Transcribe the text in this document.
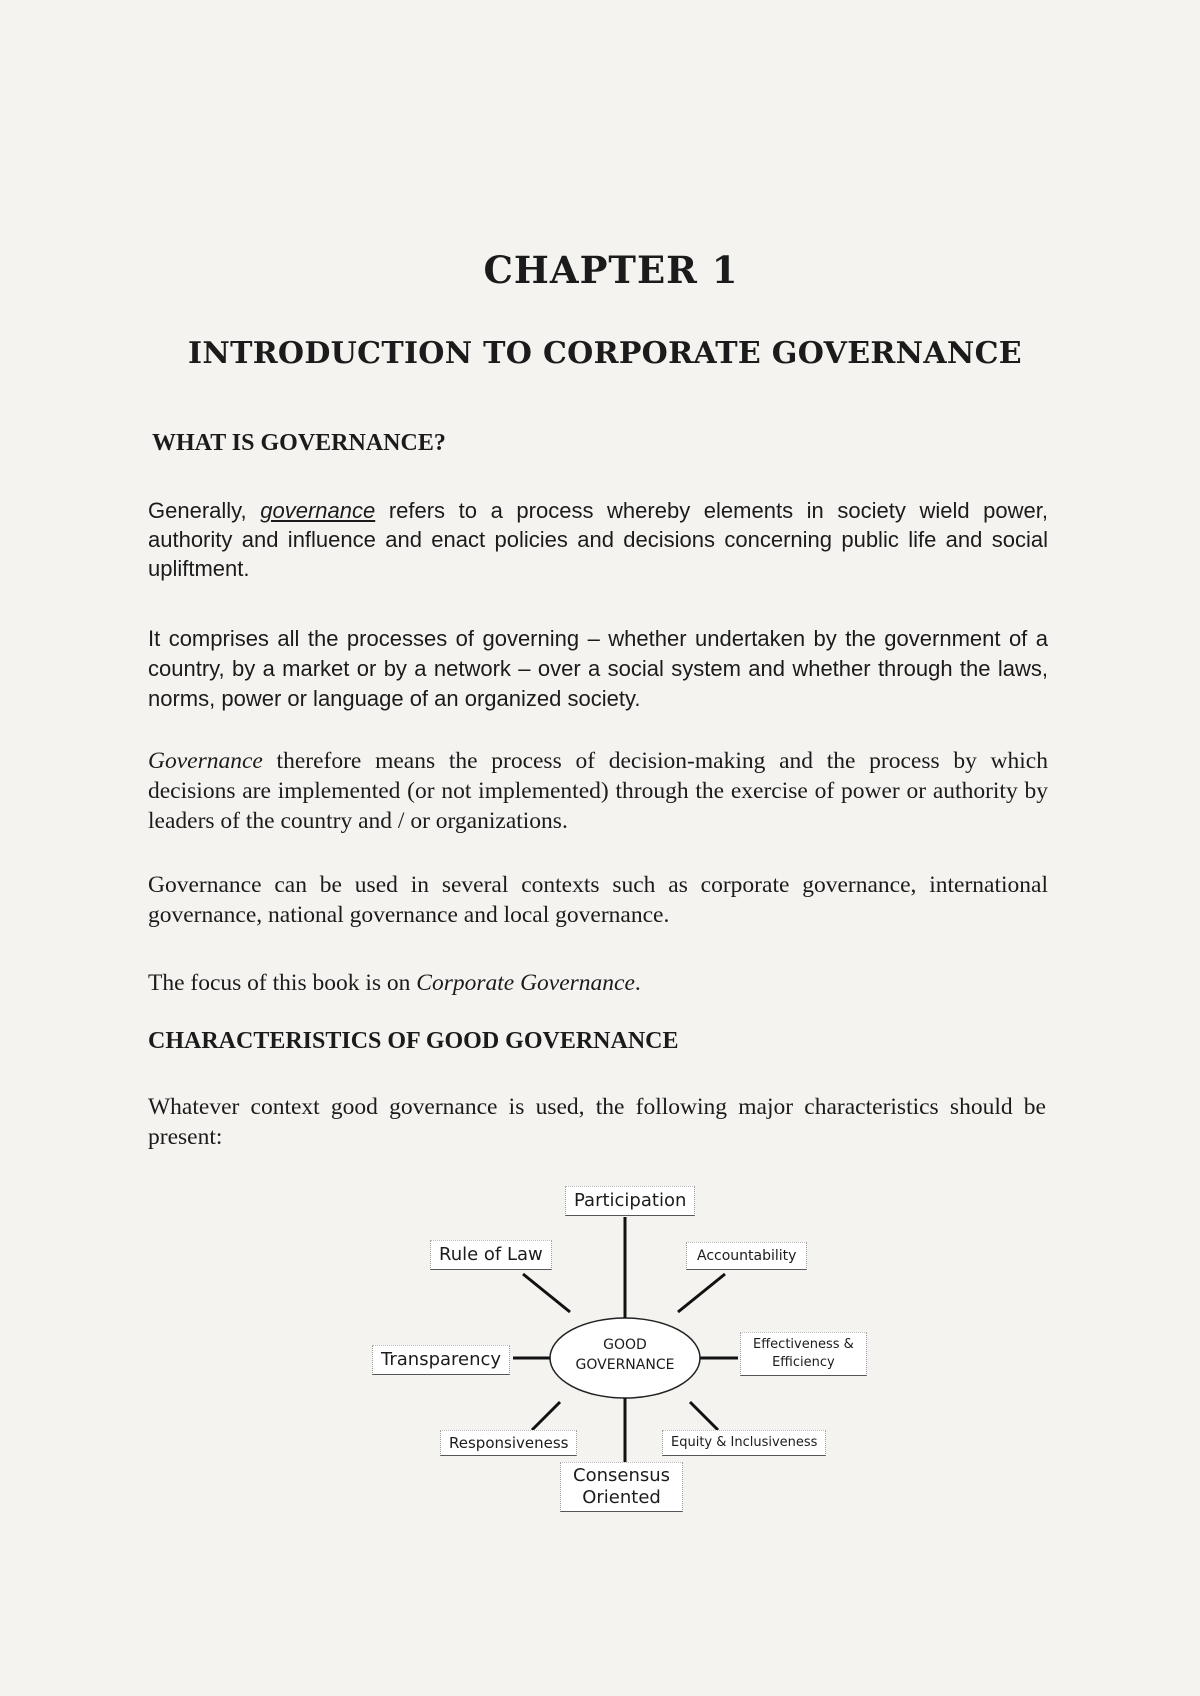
CHAPTER 1
INTRODUCTION TO CORPORATE GOVERNANCE
WHAT IS GOVERNANCE?
Generally, governance refers to a process whereby elements in society wield power, authority and influence and enact policies and decisions concerning public life and social upliftment.
It comprises all the processes of governing – whether undertaken by the government of a country, by a market or by a network – over a social system and whether through the laws, norms, power or language of an organized society.
Governance therefore means the process of decision-making and the process by which decisions are implemented (or not implemented) through the exercise of power or authority by leaders of the country and / or organizations.
Governance can be used in several contexts such as corporate governance, international governance, national governance and local governance.
The focus of this book is on Corporate Governance.
CHARACTERISTICS OF GOOD GOVERNANCE
Whatever context good governance is used, the following major characteristics should be present:
GOOD
GOVERNANCE
Participation
Rule of Law	Accountability
Transparency
Effectiveness &
Efficiency
Responsiveness	Equity & Inclusiveness
Consensus
Oriented
